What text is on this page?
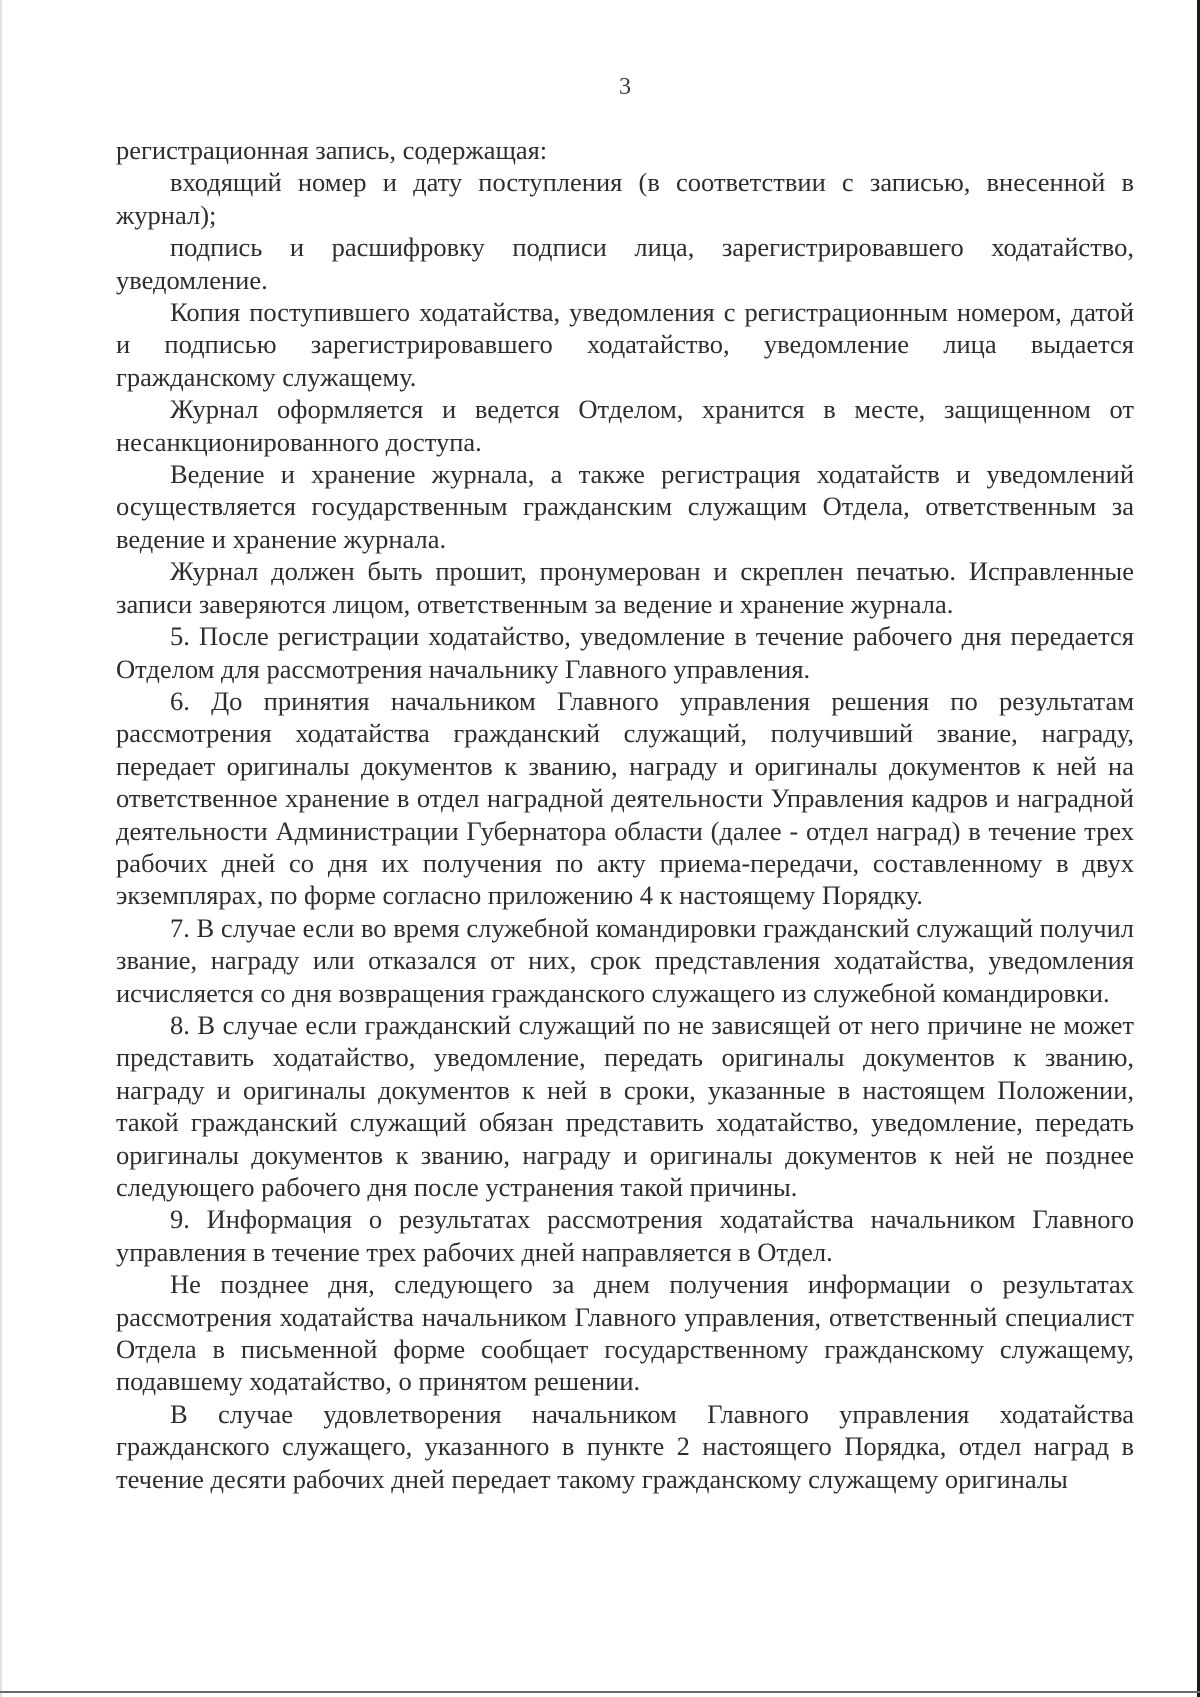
3

регистрационная запись, содержащая:

входящий номер и дату поступления (в соответствии с записью, внесенной в журнал);

подпись и расшифровку подписи лица, зарегистрировавшего ходатайство, уведомление.

Копия поступившего ходатайства, уведомления с регистрационным номером, датой и подписью зарегистрировавшего ходатайство, уведомление лица выдается гражданскому служащему.

Журнал оформляется и ведется Отделом, хранится в месте, защищенном от несанкционированного доступа.

Ведение и хранение журнала, а также регистрация ходатайств и уведомлений осуществляется государственным гражданским служащим Отдела, ответственным за ведение и хранение журнала.

Журнал должен быть прошит, пронумерован и скреплен печатью. Исправленные записи заверяются лицом, ответственным за ведение и хранение журнала.

5. После регистрации ходатайство, уведомление в течение рабочего дня передается Отделом для рассмотрения начальнику Главного управления.

6. До принятия начальником Главного управления решения по результатам рассмотрения ходатайства гражданский служащий, получивший звание, награду, передает оригиналы документов к званию, награду и оригиналы документов к ней на ответственное хранение в отдел наградной деятельности Управления кадров и наградной деятельности Администрации Губернатора области (далее - отдел наград) в течение трех рабочих дней со дня их получения по акту приема-передачи, составленному в двух экземплярах, по форме согласно приложению 4 к настоящему Порядку.

7. В случае если во время служебной командировки гражданский служащий получил звание, награду или отказался от них, срок представления ходатайства, уведомления исчисляется со дня возвращения гражданского служащего из служебной командировки.

8. В случае если гражданский служащий по не зависящей от него причине не может представить ходатайство, уведомление, передать оригиналы документов к званию, награду и оригиналы документов к ней в сроки, указанные в настоящем Положении, такой гражданский служащий обязан представить ходатайство, уведомление, передать оригиналы документов к званию, награду и оригиналы документов к ней не позднее следующего рабочего дня после устранения такой причины.

9. Информация о результатах рассмотрения ходатайства начальником Главного управления в течение трех рабочих дней направляется в Отдел.

Не позднее дня, следующего за днем получения информации о результатах рассмотрения ходатайства начальником Главного управления, ответственный специалист Отдела в письменной форме сообщает государственному гражданскому служащему, подавшему ходатайство, о принятом решении.

В случае удовлетворения начальником Главного управления ходатайства гражданского служащего, указанного в пункте 2 настоящего Порядка, отдел наград в течение десяти рабочих дней передает такому гражданскому служащему оригиналы
